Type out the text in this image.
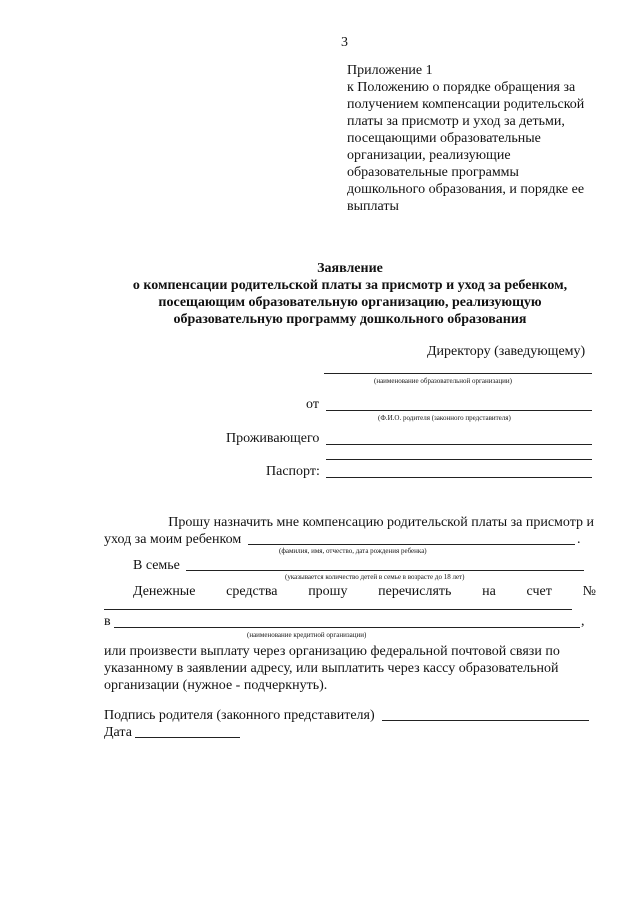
3
Приложение 1
к Положению о порядке обращения за
получением компенсации родительской
платы за присмотр и уход за детьми,
посещающими образовательные
организации, реализующие
образовательные программы
дошкольного образования, и порядке ее
выплаты
Заявление
о компенсации родительской платы за присмотр и уход за ребенком,
посещающим образовательную организацию, реализующую
образовательную программу дошкольного образования
Директору (заведующему)
(наименование образовательной организации)
от
(Ф.И.О. родителя (законного представителя)
Проживающего
Паспорт:
Прошу назначить мне компенсацию родительской платы за присмотр и
уход за моим ребенком	.
(фамилия, имя, отчество, дата рождения ребенка)
В семье
(указывается количество детей в семье в возрасте до 18 лет)
Денежные средства прошу перечислять на счет №
в	,
(наименование кредитной организации)
или произвести выплату через организацию федеральной почтовой связи по
указанному в заявлении адресу, или выплатить через кассу образовательной
организации (нужное - подчеркнуть).
Подпись родителя (законного представителя)
Дата
